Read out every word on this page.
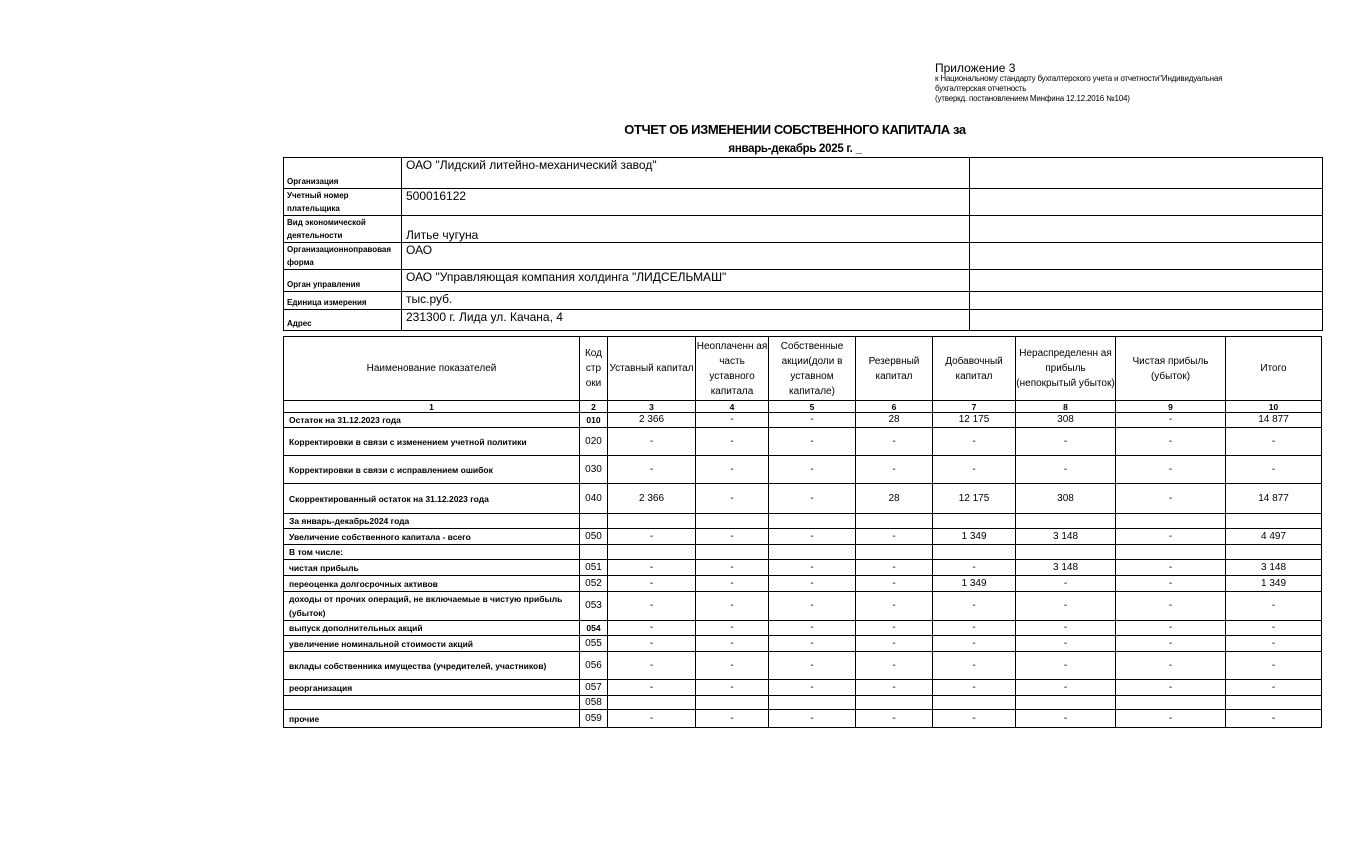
Приложение 3
к Национальному стандарту бухгалтерского учета и отчетности"Индивидуальная
бухгалтерская отчетность
(утверкд. постановлением Минфина 12.12.2016 №104)
ОТЧЕТ ОБ ИЗМЕНЕНИИ СОБСТВЕННОГО КАПИТАЛА за
январь-декабрь 2025 г. _
Организация	ОАО "Лидский литейно-механический завод"	
Учетный номер плательщика	500016122	
Вид экономической деятельности	Литье чугуна	
Организационноправовая форма	ОАО	
Орган управления	ОАО "Управляющая компания холдинга "ЛИДСЕЛЬМАШ"	
Единица измерения	тыс.руб.	
Адрес	231300 г. Лида ул. Качана, 4	
Наименование показателей	Код стр оки	Уставный капитал	Неоплаченн ая часть уставного капитала	Собственные акции(доли в уставном капитале)	Резервный капитал	Добавочный капитал	Нераспределенн ая прибыль (непокрытый убыток)	Чистая прибыль (убыток)	Итого
1	2	3	4	5	6	7	8	9	10
Остаток на 31.12.2023 года	010	2 366	-	-	28	12 175	308	-	14 877
Корректировки в связи с изменением учетной политики	020	-	-	-	-	-	-	-	-
Корректировки в связи с исправлением ошибок	030	-	-	-	-	-	-	-	-
Скорректированный остаток на 31.12.2023 года	040	2 366	-	-	28	12 175	308	-	14 877
За январь-декабрь2024 года									
Увеличение собственного капитала - всего	050	-	-	-	-	1 349	3 148	-	4 497
В том числе:									
чистая прибыль	051	-	-	-	-	-	3 148	-	3 148
переоценка долгосрочных активов	052	-	-	-	-	1 349	-	-	1 349
доходы от прочих операций, не включаемые в чистую прибыль (убыток)	053	-	-	-	-	-	-	-	-
выпуск дополнительных акций	054	-	-	-	-	-	-	-	-
увеличение номинальной стоимости акций	055	-	-	-	-	-	-	-	-
вклады собственника имущества (учредителей, участников)	056	-	-	-	-	-	-	-	-
реорганизация	057	-	-	-	-	-	-	-	-
	058								
прочие	059	-	-	-	-	-	-	-	-
